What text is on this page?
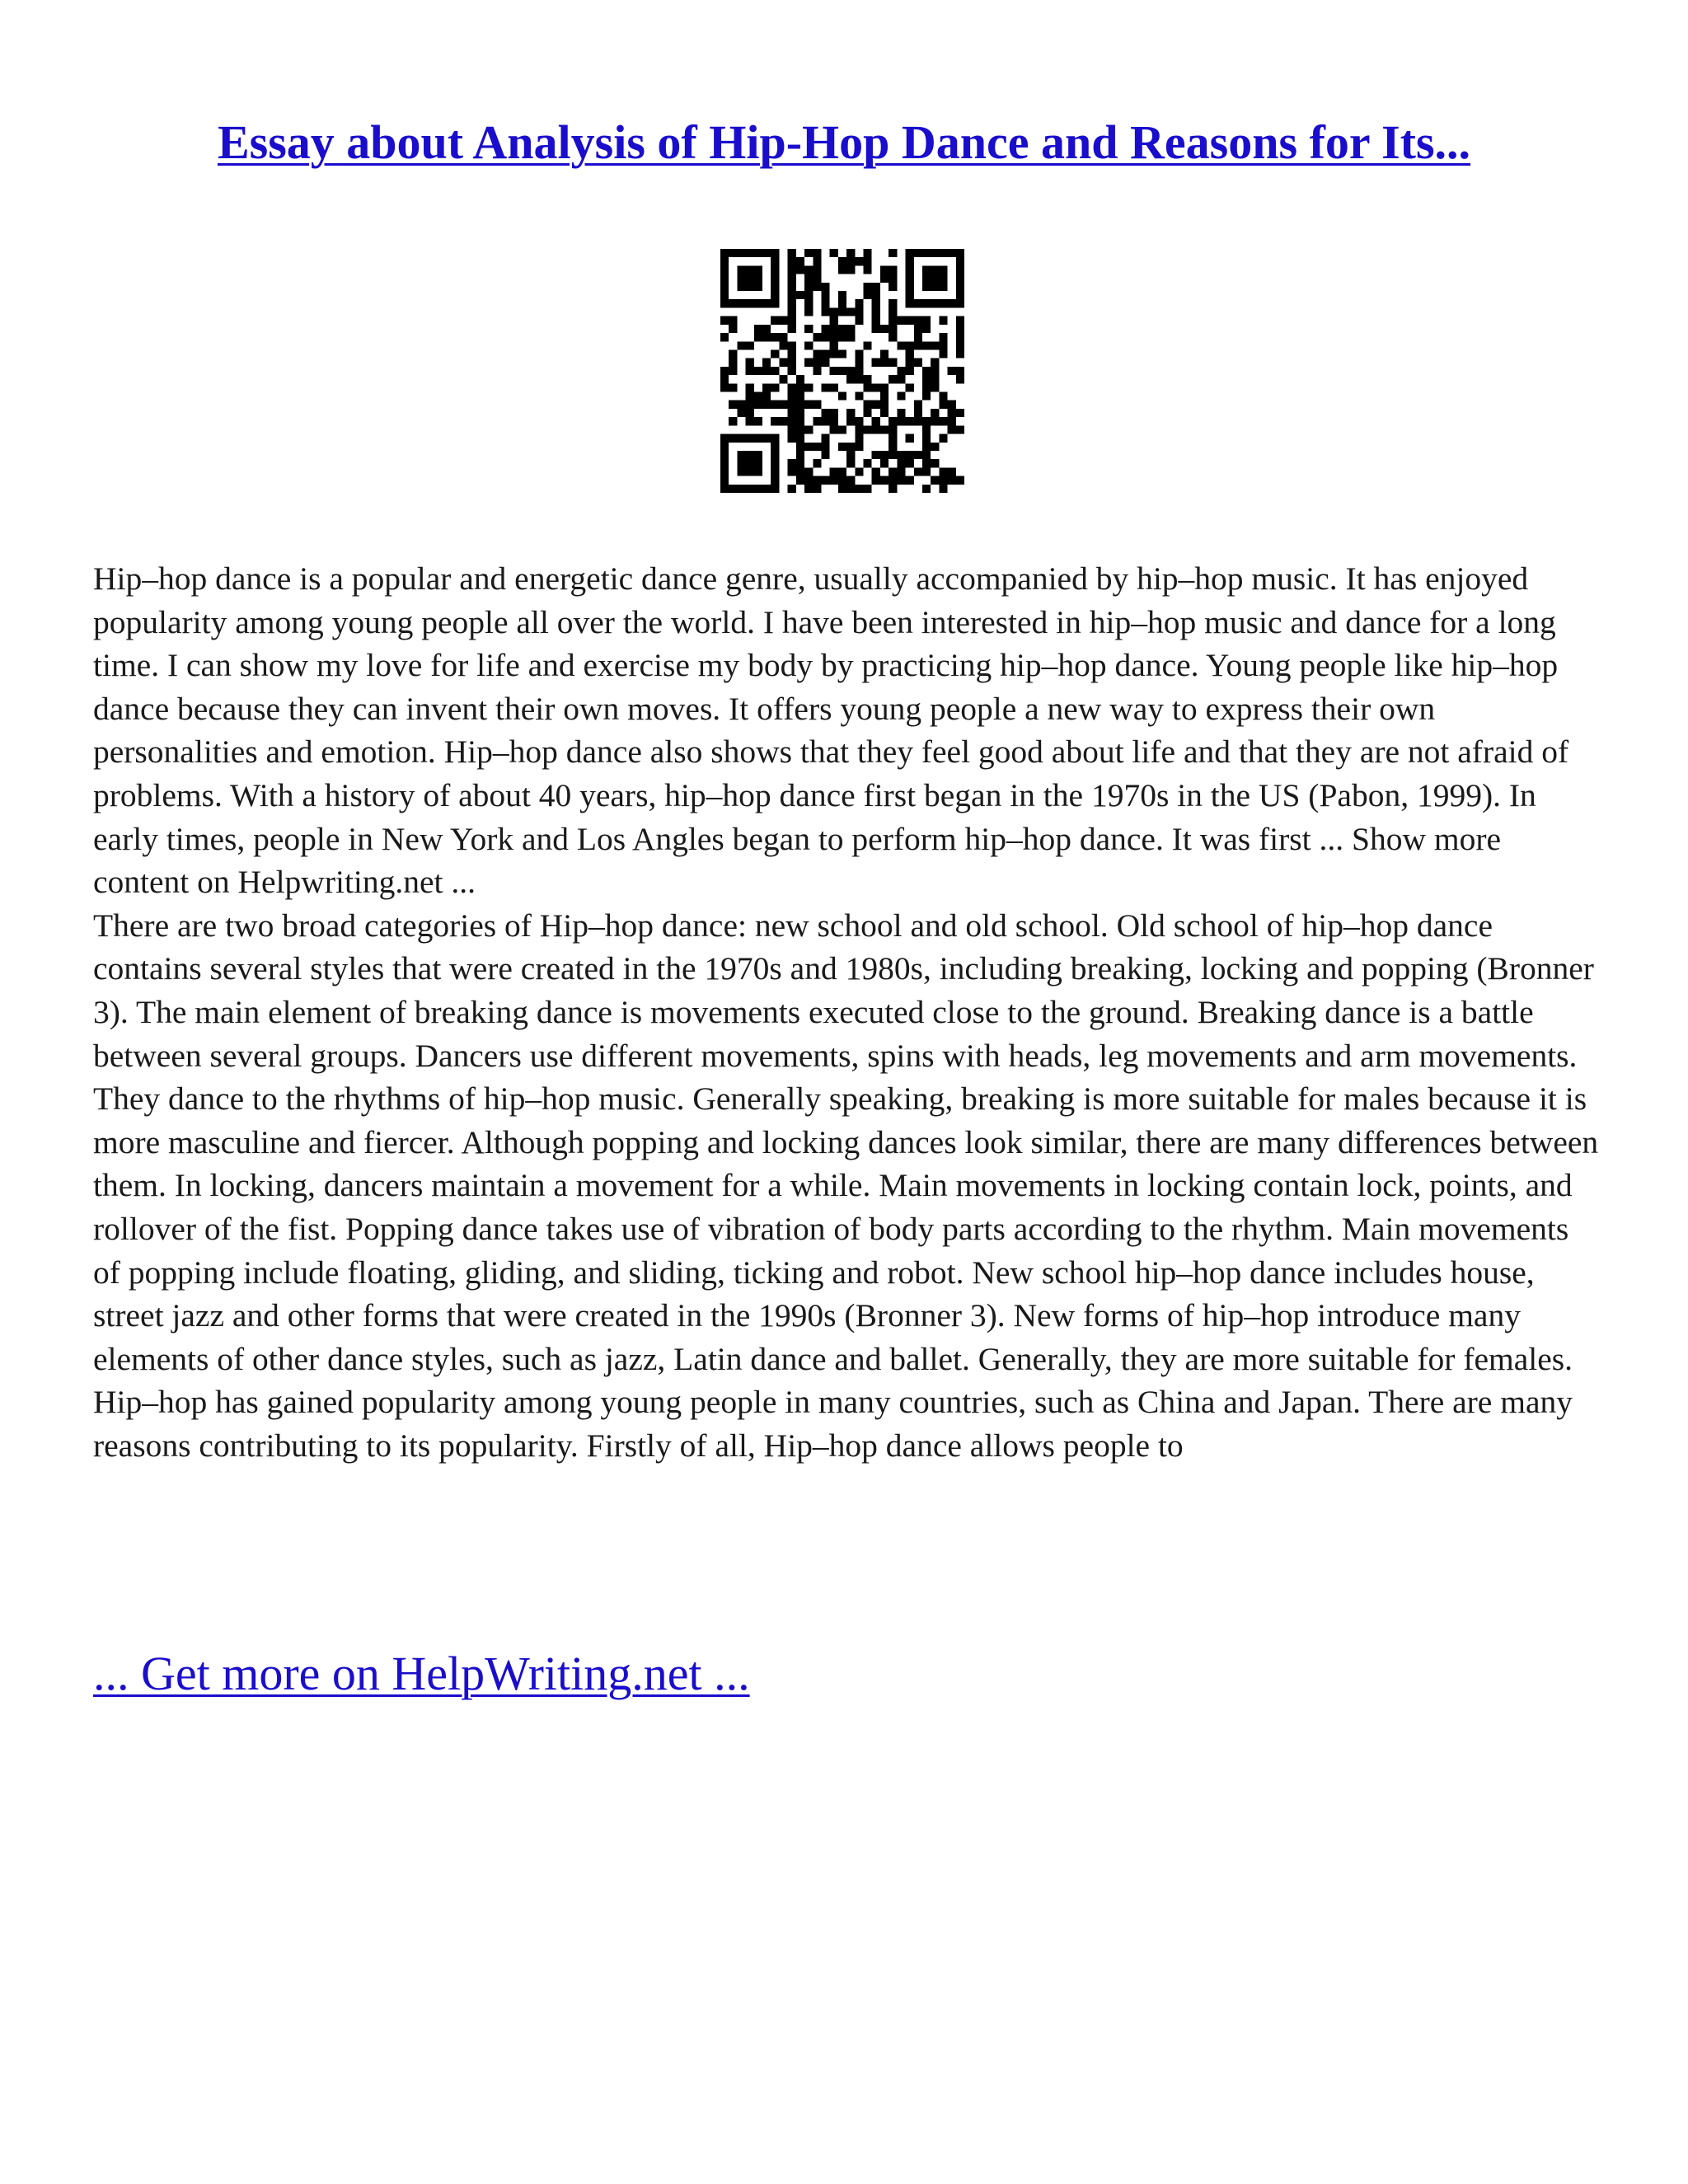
Essay about Analysis of Hip-Hop Dance and Reasons for Its...

Hip–hop dance is a popular and energetic dance genre, usually accompanied by hip–hop music. It has enjoyed popularity among young people all over the world. I have been interested in hip–hop music and dance for a long time. I can show my love for life and exercise my body by practicing hip–hop dance. Young people like hip–hop dance because they can invent their own moves. It offers young people a new way to express their own personalities and emotion. Hip–hop dance also shows that they feel good about life and that they are not afraid of problems. With a history of about 40 years, hip–hop dance first began in the 1970s in the US (Pabon, 1999). In early times, people in New York and Los Angles began to perform hip–hop dance. It was first ... Show more content on Helpwriting.net ...

There are two broad categories of Hip–hop dance: new school and old school. Old school of hip–hop dance contains several styles that were created in the 1970s and 1980s, including breaking, locking and popping (Bronner 3). The main element of breaking dance is movements executed close to the ground. Breaking dance is a battle between several groups. Dancers use different movements, spins with heads, leg movements and arm movements. They dance to the rhythms of hip–hop music. Generally speaking, breaking is more suitable for males because it is more masculine and fiercer. Although popping and locking dances look similar, there are many differences between them. In locking, dancers maintain a movement for a while. Main movements in locking contain lock, points, and rollover of the fist. Popping dance takes use of vibration of body parts according to the rhythm. Main movements of popping include floating, gliding, and sliding, ticking and robot. New school hip–hop dance includes house, street jazz and other forms that were created in the 1990s (Bronner 3). New forms of hip–hop introduce many elements of other dance styles, such as jazz, Latin dance and ballet. Generally, they are more suitable for females. Hip–hop has gained popularity among young people in many countries, such as China and Japan. There are many reasons contributing to its popularity. Firstly of all, Hip–hop dance allows people to

... Get more on HelpWriting.net ...
